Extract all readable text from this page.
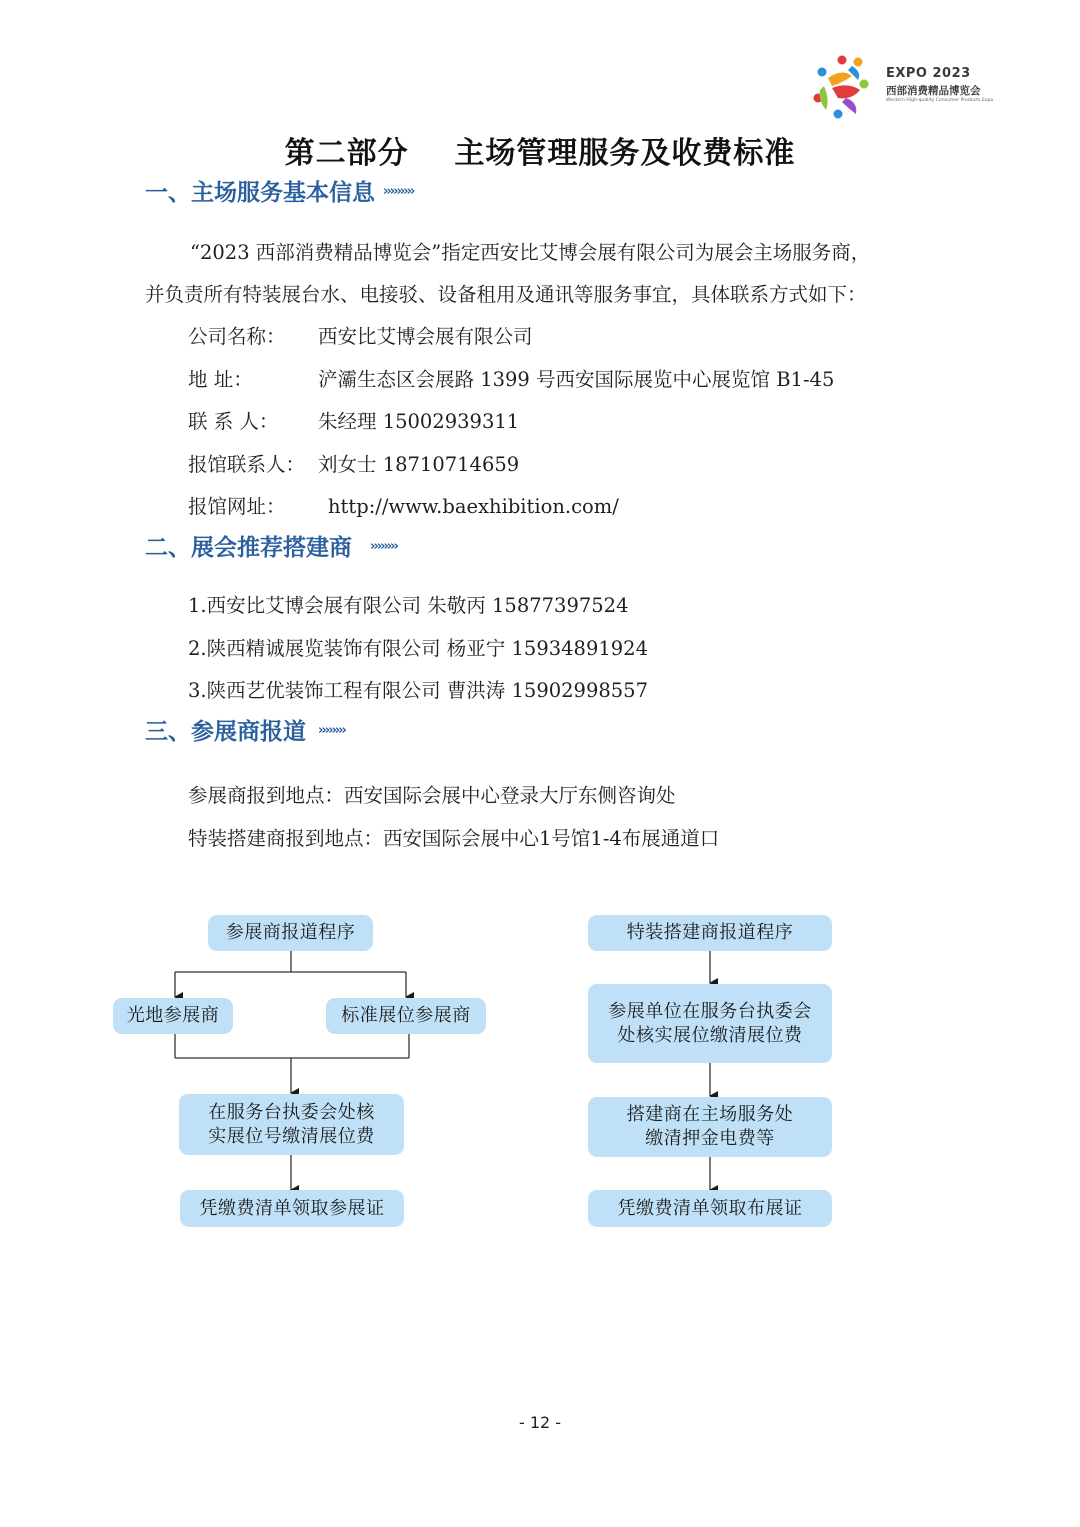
EXPO 2023
西部消费精品博览会
Western High-quality Consumer Products Expo
第二部分    主场管理服务及收费标准
一、主场服务基本信息 ›››››››››
“2023 西部消费精品博览会”指定西安比艾博会展有限公司为展会主场服务商，
并负责所有特装展台水、电接驳、设备租用及通讯等服务事宜，具体联系方式如下：
公司名称： 西安比艾博会展有限公司
地 址：	浐灞生态区会展路 1399 号西安国际展览中心展览馆 B1-45
联 系 人： 朱经理 15002939311
报馆联系人： 刘女士 18710714659
报馆网址： http://www.baexhibition.com/
二、展会推荐搭建商 ››››››››
1.西安比艾博会展有限公司 朱敬丙 15877397524
2.陕西精诚展览装饰有限公司 杨亚宁 15934891924
3.陕西艺优装饰工程有限公司 曹洪涛 15902998557
三、参展商报道 ››››››››
参展商报到地点：西安国际会展中心登录大厅东侧咨询处
特装搭建商报到地点：西安国际会展中心1号馆1-4布展通道口
参展商报道程序
光地参展商	标准展位参展商
在服务台执委会处核
实展位号缴清展位费
凭缴费清单领取参展证
特装搭建商报道程序
参展单位在服务台执委会
处核实展位缴清展位费
搭建商在主场服务处
缴清押金电费等
凭缴费清单领取布展证
- 12 -
